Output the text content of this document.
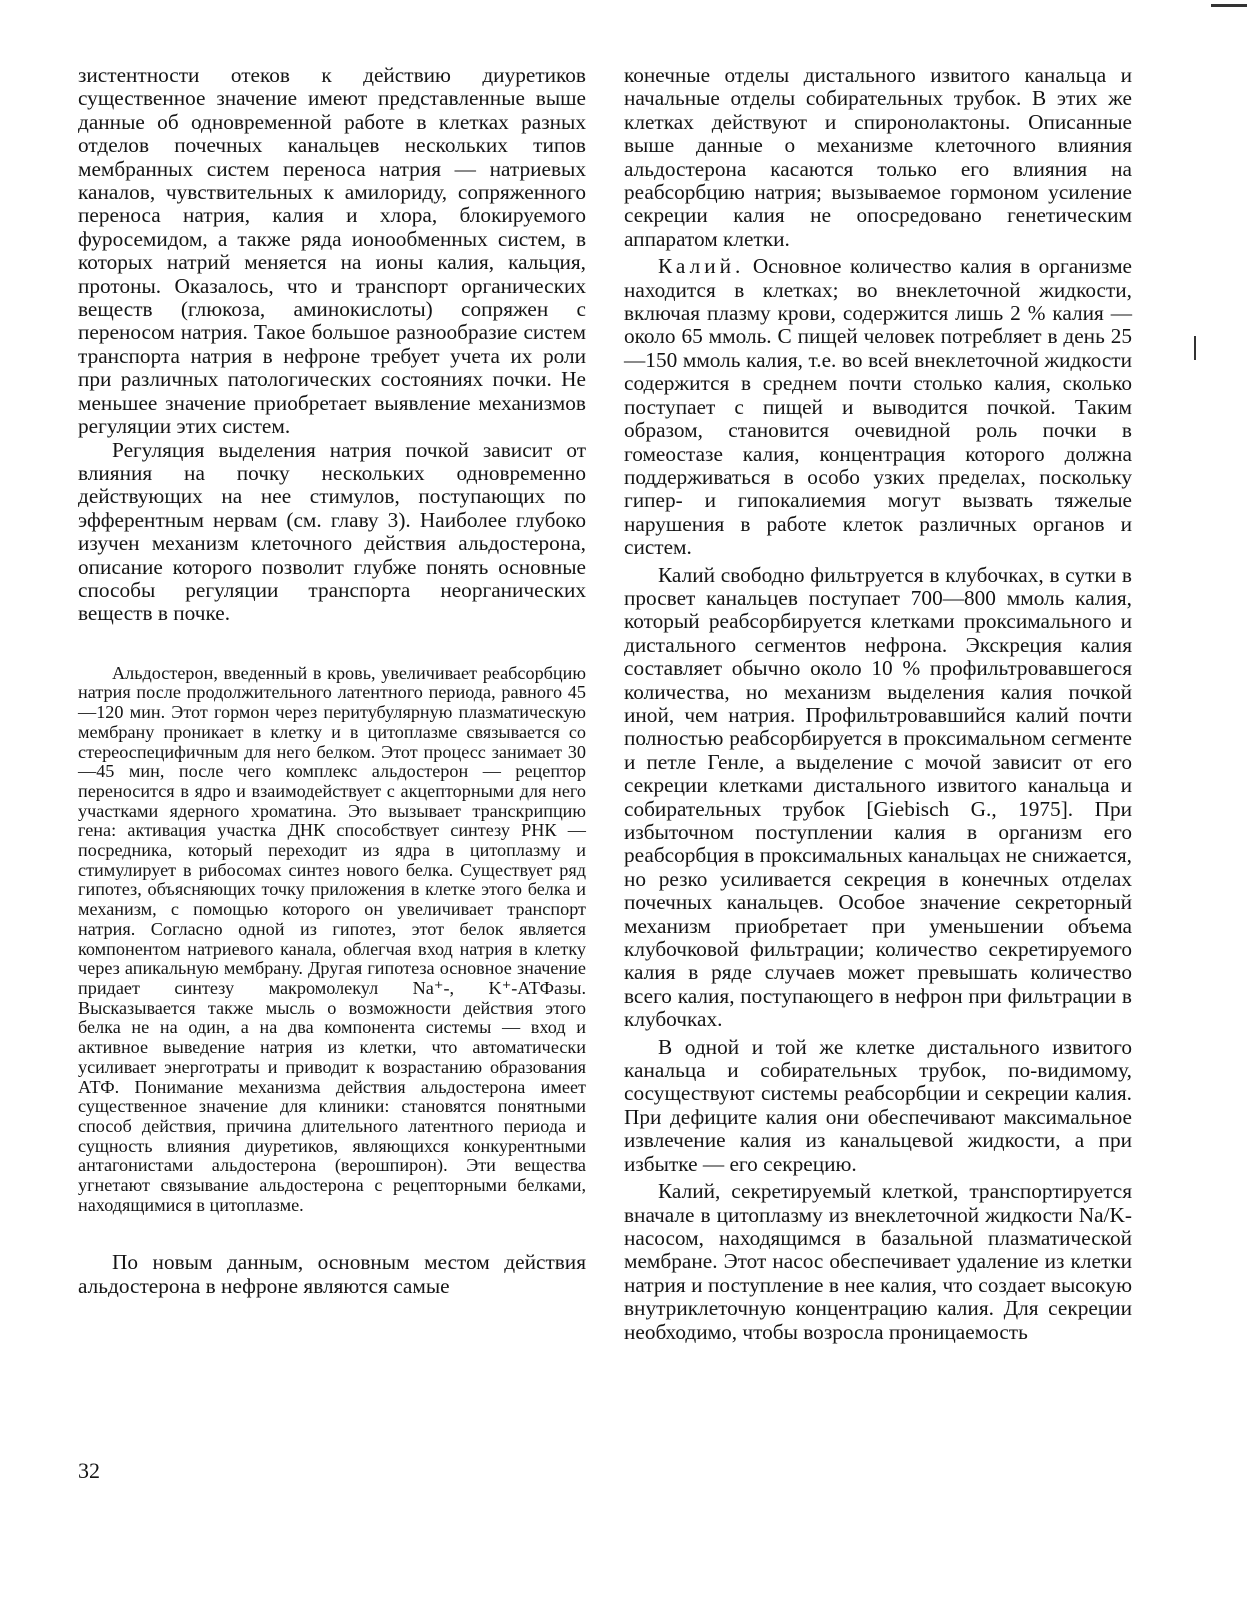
зистентности отеков к действию диуретиков существенное значение имеют представленные выше данные об одновременной работе в клетках разных отделов почечных канальцев нескольких типов мембранных систем переноса натрия — натриевых каналов, чувствительных к амилориду, сопряженного переноса натрия, калия и хлора, блокируемого фуросемидом, а также ряда ионообменных систем, в которых натрий меняется на ионы калия, кальция, протоны. Оказалось, что и транспорт органических веществ (глюкоза, аминокислоты) сопряжен с переносом натрия. Такое большое разнообразие систем транспорта натрия в нефроне требует учета их роли при различных патологических состояниях почки. Не меньшее значение приобретает выявление механизмов регуляции этих систем.

Регуляция выделения натрия почкой зависит от влияния на почку нескольких одновременно действующих на нее стимулов, поступающих по эфферентным нервам (см. главу 3). Наиболее глубоко изучен механизм клеточного действия альдостерона, описание которого позволит глубже понять основные способы регуляции транспорта неорганических веществ в почке.

Альдостерон, введенный в кровь, увеличивает реабсорбцию натрия после продолжительного латентного периода, равного 45—120 мин. Этот гормон через перитубулярную плазматическую мембрану проникает в клетку и в цитоплазме связывается со стереоспецифичным для него белком. Этот процесс занимает 30—45 мин, после чего комплекс альдостерон — рецептор переносится в ядро и взаимодействует с акцепторными для него участками ядерного хроматина. Это вызывает транскрипцию гена: активация участка ДНК способствует синтезу РНК — посредника, который переходит из ядра в цитоплазму и стимулирует в рибосомах синтез нового белка. Существует ряд гипотез, объясняющих точку приложения в клетке этого белка и механизм, с помощью которого он увеличивает транспорт натрия. Согласно одной из гипотез, этот белок является компонентом натриевого канала, облегчая вход натрия в клетку через апикальную мембрану. Другая гипотеза основное значение придает синтезу макромолекул Na⁺-, K⁺-АТФазы. Высказывается также мысль о возможности действия этого белка не на один, а на два компонента системы — вход и активное выведение натрия из клетки, что автоматически усиливает энерготраты и приводит к возрастанию образования АТФ. Понимание механизма действия альдостерона имеет существенное значение для клиники: становятся понятными способ действия, причина длительного латентного периода и сущность влияния диуретиков, являющихся конкурентными антагонистами альдостерона (верошпирон). Эти вещества угнетают связывание альдостерона с рецепторными белками, находящимися в цитоплазме.

По новым данным, основным местом действия альдостерона в нефроне являются самые

конечные отделы дистального извитого канальца и начальные отделы собирательных трубок. В этих же клетках действуют и спиронолактоны. Описанные выше данные о механизме клеточного влияния альдостерона касаются только его влияния на реабсорбцию натрия; вызываемое гормоном усиление секреции калия не опосредовано генетическим аппаратом клетки.

Калий. Основное количество калия в организме находится в клетках; во внеклеточной жидкости, включая плазму крови, содержится лишь 2 % калия — около 65 ммоль. С пищей человек потребляет в день 25—150 ммоль калия, т.е. во всей внеклеточной жидкости содержится в среднем почти столько калия, сколько поступает с пищей и выводится почкой. Таким образом, становится очевидной роль почки в гомеостазе калия, концентрация которого должна поддерживаться в особо узких пределах, поскольку гипер- и гипокалиемия могут вызвать тяжелые нарушения в работе клеток различных органов и систем.

Калий свободно фильтруется в клубочках, в сутки в просвет канальцев поступает 700—800 ммоль калия, который реабсорбируется клетками проксимального и дистального сегментов нефрона. Экскреция калия составляет обычно около 10 % профильтровавшегося количества, но механизм выделения калия почкой иной, чем натрия. Профильтровавшийся калий почти полностью реабсорбируется в проксимальном сегменте и петле Генле, а выделение с мочой зависит от его секреции клетками дистального извитого канальца и собирательных трубок [Giebisch G., 1975]. При избыточном поступлении калия в организм его реабсорбция в проксимальных канальцах не снижается, но резко усиливается секреция в конечных отделах почечных канальцев. Особое значение секреторный механизм приобретает при уменьшении объема клубочковой фильтрации; количество секретируемого калия в ряде случаев может превышать количество всего калия, поступающего в нефрон при фильтрации в клубочках.

В одной и той же клетке дистального извитого канальца и собирательных трубок, по-видимому, сосуществуют системы реабсорбции и секреции калия. При дефиците калия они обеспечивают максимальное извлечение калия из канальцевой жидкости, а при избытке — его секрецию.

Калий, секретируемый клеткой, транспортируется вначале в цитоплазму из внеклеточной жидкости Na/K-насосом, находящимся в базальной плазматической мембране. Этот насос обеспечивает удаление из клетки натрия и поступление в нее калия, что создает высокую внутриклеточную концентрацию калия. Для секреции необходимо, чтобы возросла проницаемость

32
